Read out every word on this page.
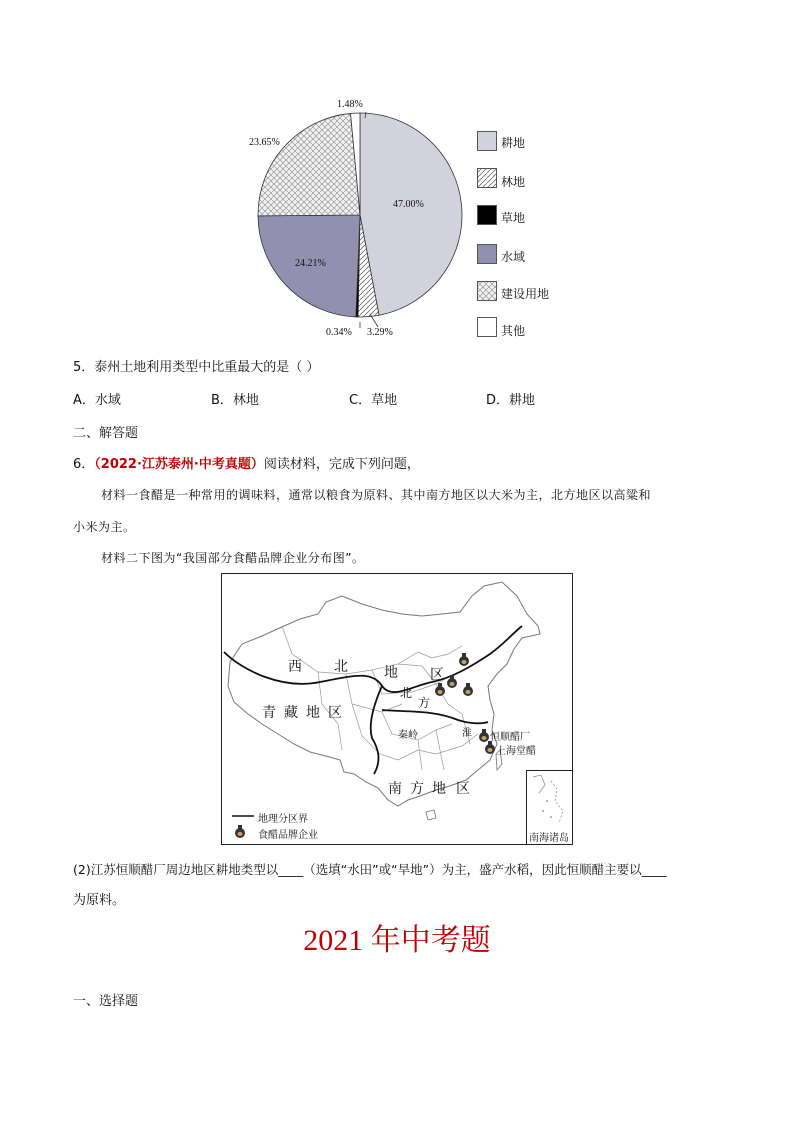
1.48%
23.65%
47.00%
24.21%
0.34% 3.29%
耕地
林地
草地
水域
建设用地
其他
5．泰州土地利用类型中比重最大的是（ ）
A．水域	B．林地	C．草地	D．耕地
二、解答题
6．（2022·江苏泰州·中考真题）阅读材料，完成下列问题，
材料一食醋是一种常用的调味料，通常以粮食为原料、其中南方地区以大米为主，北方地区以高粱和
小米为主。
材料二下图为“我国部分食醋品牌企业分布图”。
西 北	地 区
青 藏 地 区
南 方 地 区
北
方
秦岭	淮 恒顺醋厂
上海堂醋
南海诸岛
地理分区界
食醋品牌企业
(2)江苏恒顺醋厂周边地区耕地类型以____（选填“水田”或“旱地”）为主，盛产水稻，因此恒顺醋主要以____
为原料。
2021 年中考题
一、选择题
